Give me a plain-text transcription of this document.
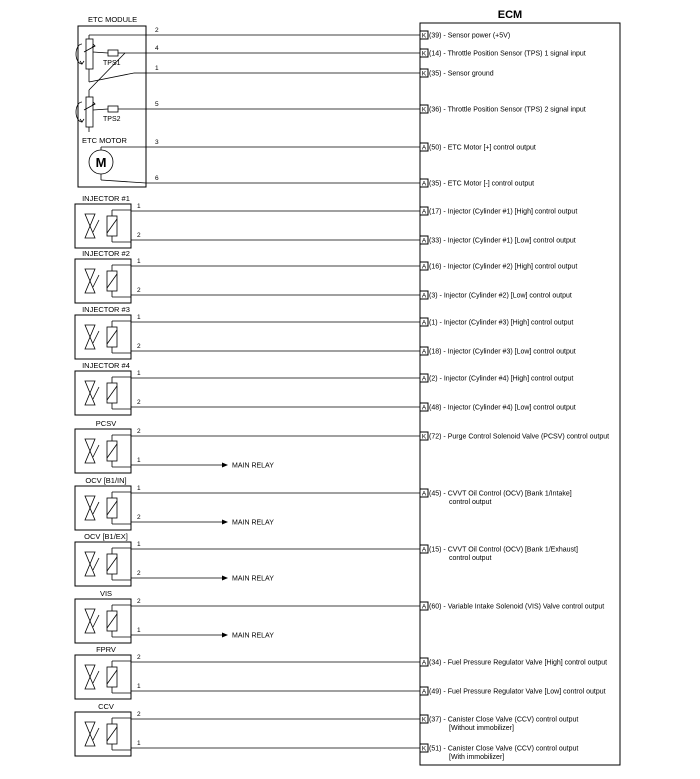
ECM
ETC MODULE
TPS1
TPS2
ETC MOTOR
M
2
K (39) - Sensor power (+5V)
4
K (14) - Throttle Position Sensor (TPS) 1 signal input
1
K (35) - Sensor ground
5
K (36) - Throttle Position Sensor (TPS) 2 signal input
3
A (50) - ETC Motor [+] control output
6
A (35) - ETC Motor [-] control output
INJECTOR #1
1
A (17) - Injector (Cylinder #1) [High] control output
2
A (33) - Injector (Cylinder #1) [Low] control output
INJECTOR #2
1
A (16) - Injector (Cylinder #2) [High] control output
2
A (3) - Injector (Cylinder #2) [Low] control output
INJECTOR #3
1
A (1) - Injector (Cylinder #3) [High] control output
2
A (18) - Injector (Cylinder #3) [Low] control output
INJECTOR #4
1
A (2) - Injector (Cylinder #4) [High] control output
2
A (48) - Injector (Cylinder #4) [Low] control output
PCSV
2
K (72) - Purge Control Solenoid Valve (PCSV) control output
1
MAIN RELAY
OCV [B1/IN]
1
A (45) - CVVT Oil Control (OCV) [Bank 1/Intake]
control output
2
MAIN RELAY
OCV [B1/EX]
1
A (15) - CVVT Oil Control (OCV) [Bank 1/Exhaust]
control output
2
MAIN RELAY
VIS
2
A (60) - Variable Intake Solenoid (VIS) Valve control output
1
MAIN RELAY
FPRV
2
A (34) - Fuel Pressure Regulator Valve [High] control output
1
A (49) - Fuel Pressure Regulator Valve [Low] control output
CCV
2
K (37) - Canister Close Valve (CCV) control output
[Without immobilizer]
1
K (51) - Canister Close Valve (CCV) control output
[With immobilizer]
